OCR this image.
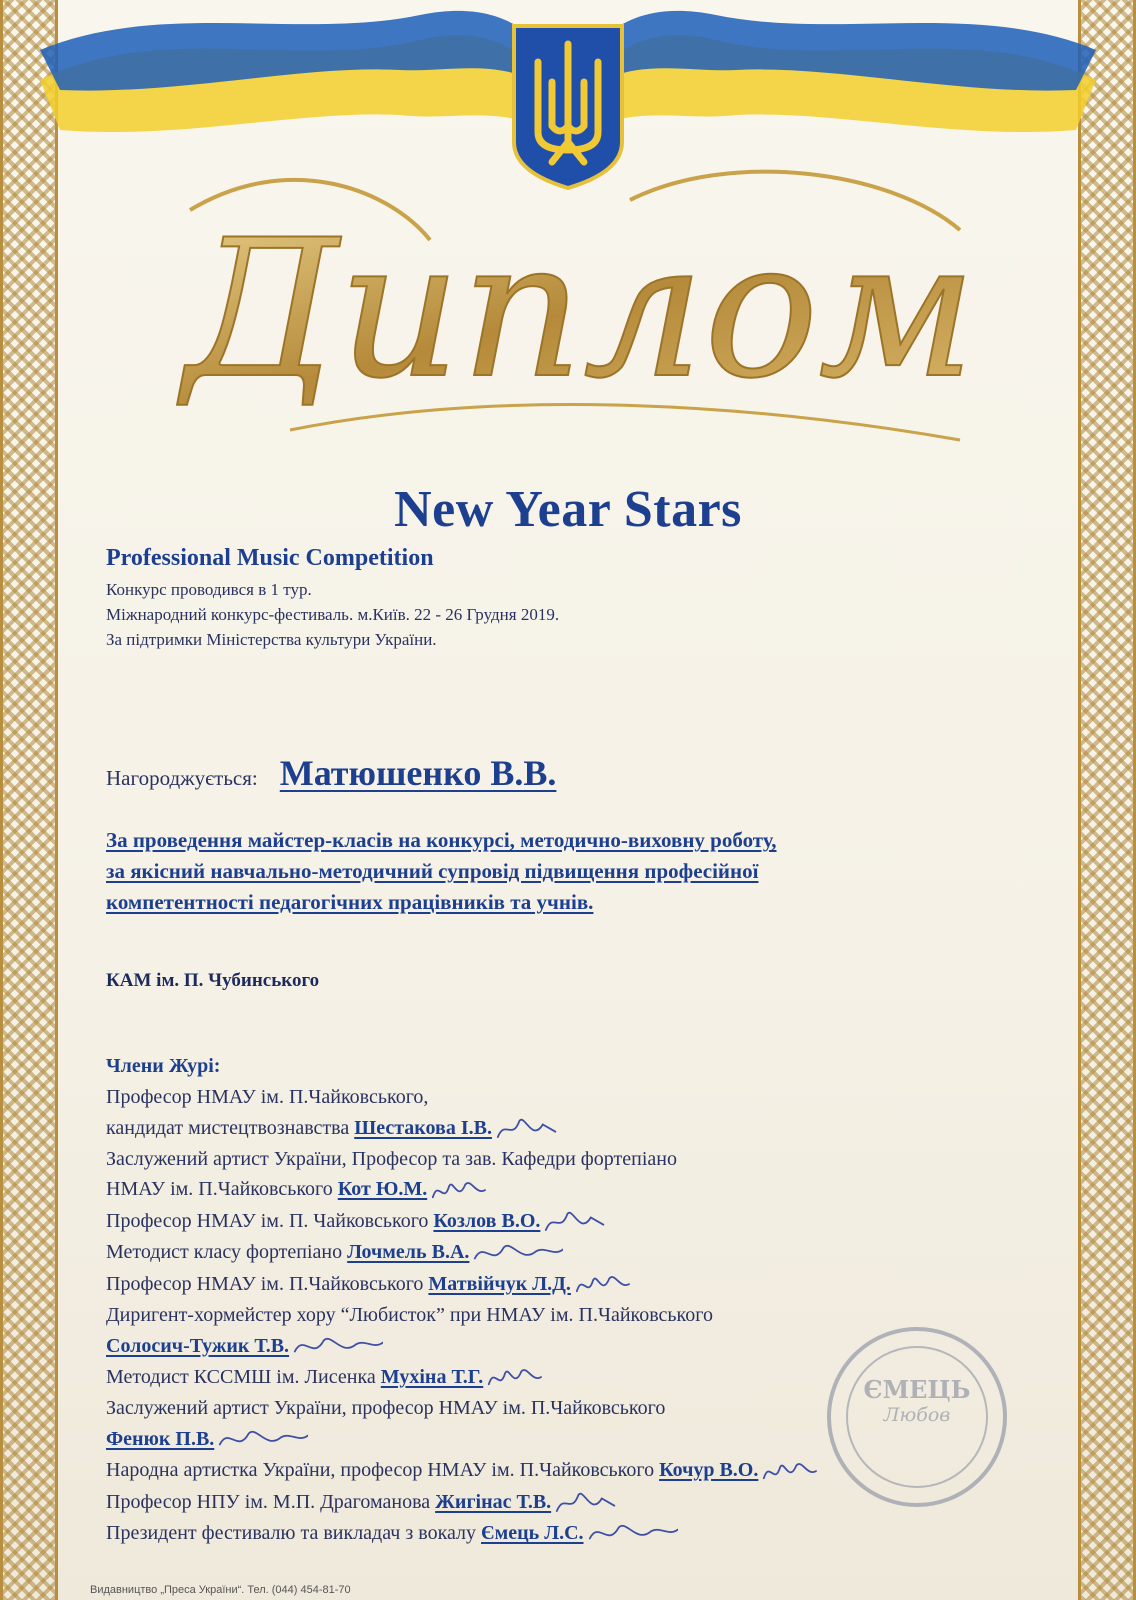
Диплом
New Year Stars
Professional Music Competition
Конкурс проводився в 1 тур.
Міжнародний конкурс-фестиваль. м.Київ. 22 - 26 Грудня 2019.
За підтримки Міністерства культури України.
Нагороджується: Матюшенко В.В.
За проведення майстер-класів на конкурсі, методично-виховну роботу,
за якісний навчально-методичний супровід підвищення професійної
компетентності педагогічних працівників та учнів.
КАМ ім. П. Чубинського
Члени Журі:
Професор НМАУ ім. П.Чайковського,
кандидат мистецтвознавства Шестакова І.В.
Заслужений артист України, Професор та зав. Кафедри фортепіано
НМАУ ім. П.Чайковського Кот Ю.М.
Професор НМАУ ім. П. Чайковського Козлов В.О.
Методист класу фортепіано Лочмель В.А.
Професор НМАУ ім. П.Чайковського Матвійчук Л.Д.
Диригент-хормейстер хору “Любисток” при НМАУ ім. П.Чайковського
Солосич-Тужик Т.В.
Методист КССМШ ім. Лисенка Мухіна Т.Г.
Заслужений артист України, професор НМАУ ім. П.Чайковського
Фенюк П.В.
Народна артистка України, професор НМАУ ім. П.Чайковського Кочур В.О.
Професор НПУ ім. М.П. Драгоманова Жигінас Т.В.
Президент фестивалю та викладач з вокалу Ємець Л.С.
ЄМЕЦЬ
Любов
Видавництво „Преса України“. Тел. (044) 454-81-70
